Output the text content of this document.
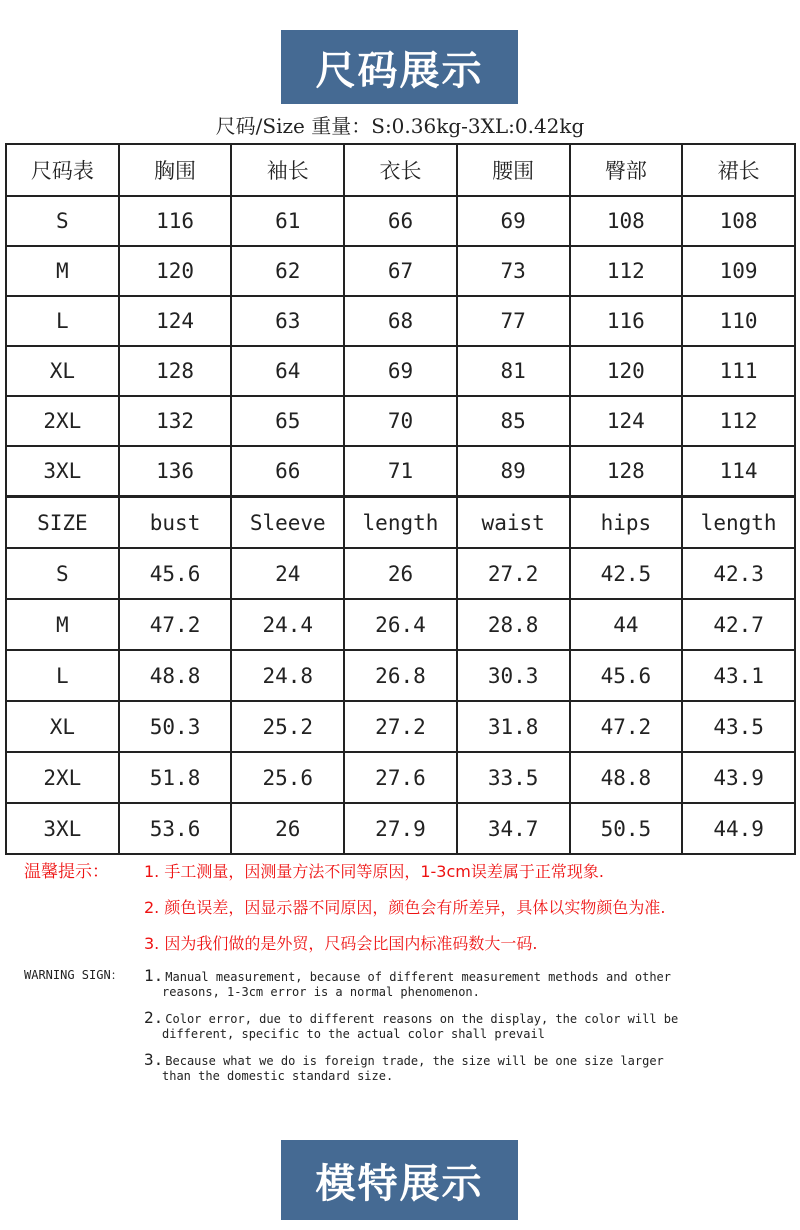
尺码展示
尺码/Size 重量：S:0.36kg-3XL:0.42kg
尺码表	胸围	袖长	衣长	腰围	臀部	裙长
S	116	61	66	69	108	108
M	120	62	67	73	112	109
L	124	63	68	77	116	110
XL	128	64	69	81	120	111
2XL	132	65	70	85	124	112
3XL	136	66	71	89	128	114
SIZE	bust	Sleeve	length	waist	hips	length
S	45.6	24	26	27.2	42.5	42.3
M	47.2	24.4	26.4	28.8	44	42.7
L	48.8	24.8	26.8	30.3	45.6	43.1
XL	50.3	25.2	27.2	31.8	47.2	43.5
2XL	51.8	25.6	27.6	33.5	48.8	43.9
3XL	53.6	26	27.9	34.7	50.5	44.9
温馨提示： 1. 手工测量，因测量方法不同等原因，1-3cm误差属于正常现象.
2. 颜色误差，因显示器不同原因，颜色会有所差异，具体以实物颜色为准.
3. 因为我们做的是外贸，尺码会比国内标准码数大一码.
WARNING SIGN： 1. Manual measurement, because of different measurement methods and other
reasons, 1-3cm error is a normal phenomenon.
2. Color error, due to different reasons on the display, the color will be
different, specific to the actual color shall prevail
3. Because what we do is foreign trade, the size will be one size larger
than the domestic standard size.
模特展示
